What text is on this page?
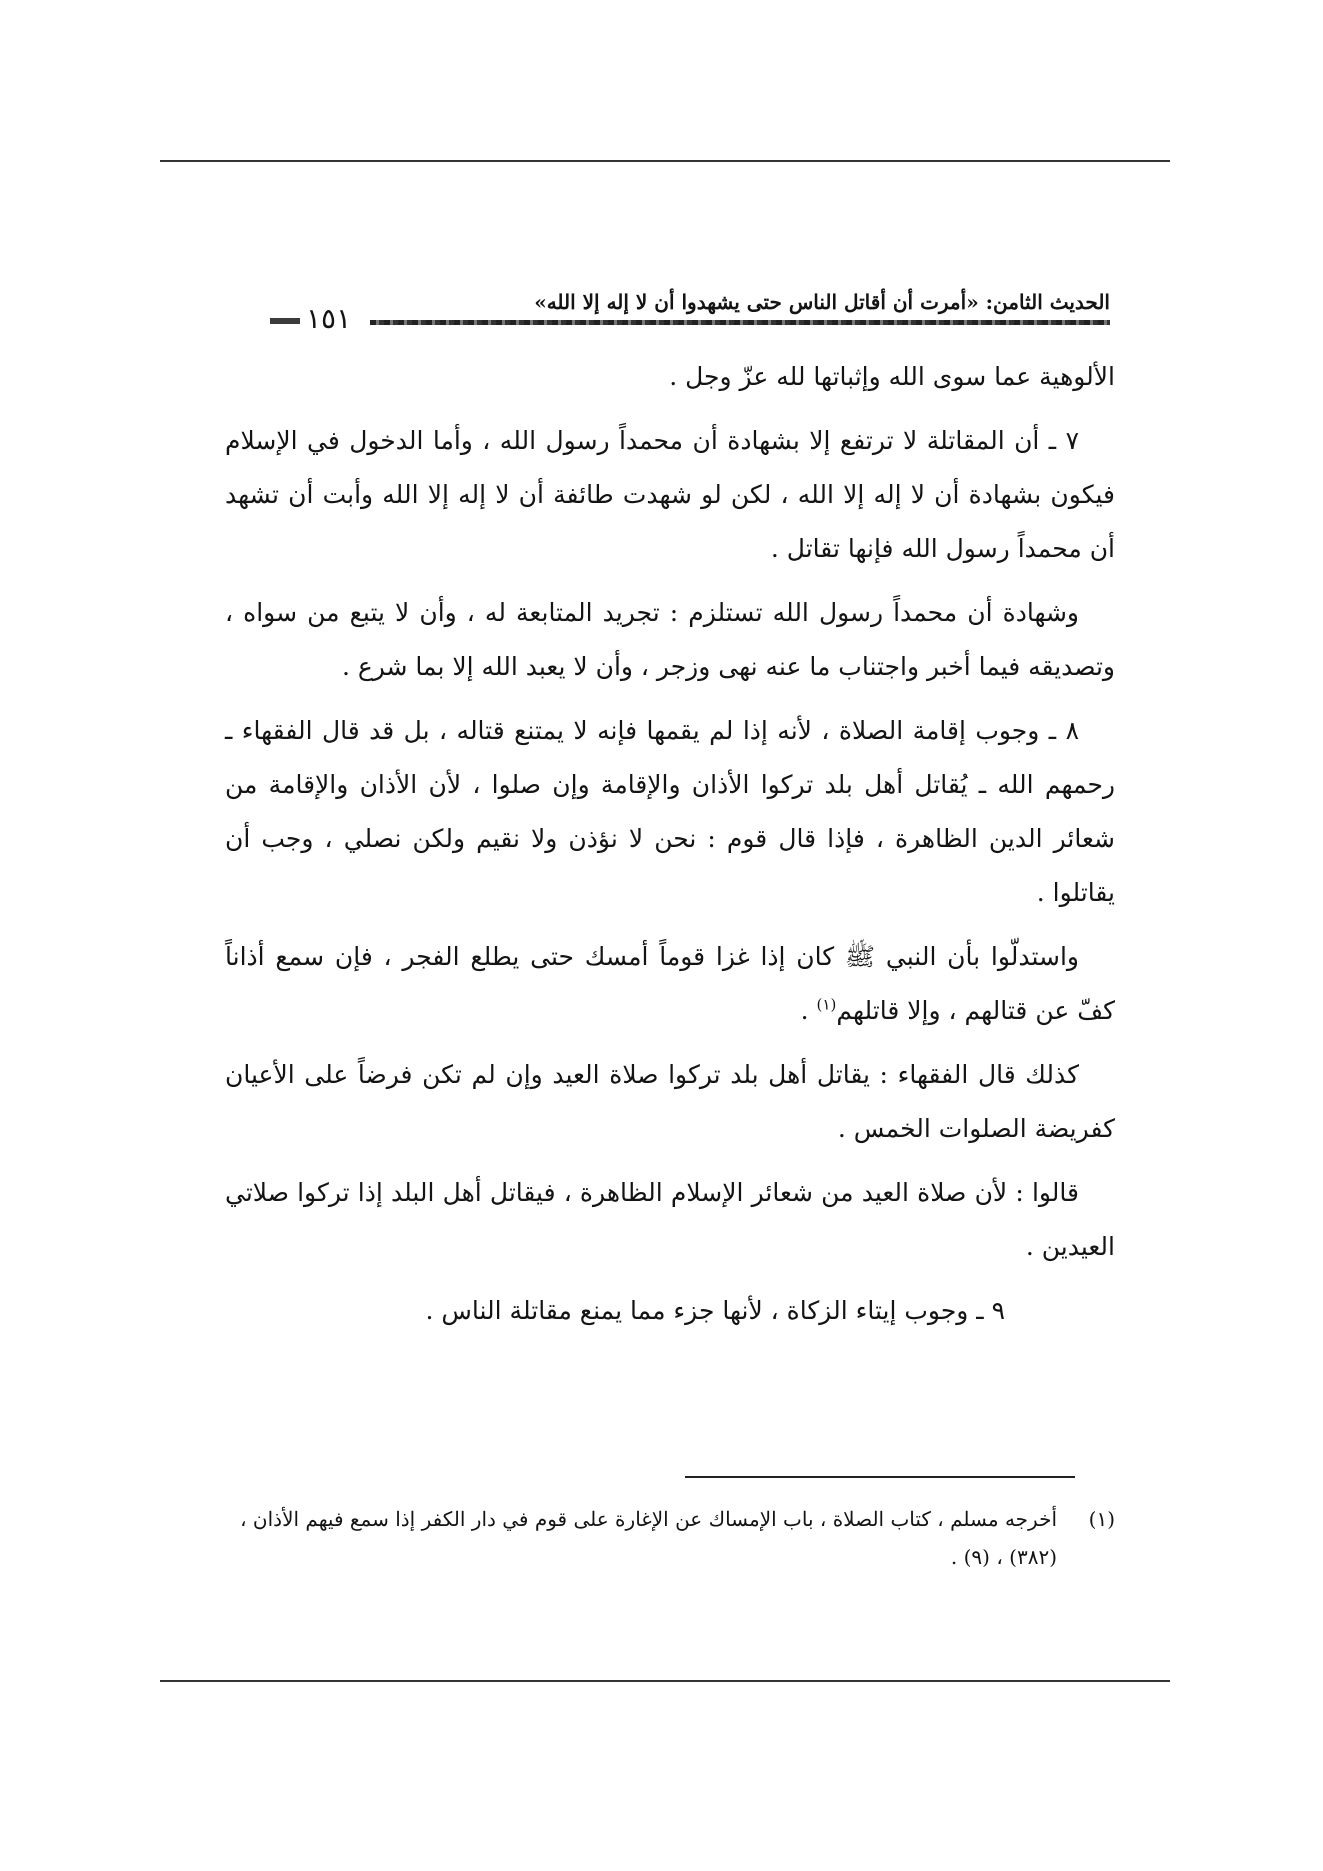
الحديث الثامن: «أمرت أن أقاتل الناس حتى يشهدوا أن لا إله إلا الله»
١٥١

الألوهية عما سوى الله وإثباتها لله عزّ وجل .

٧ ـ أن المقاتلة لا ترتفع إلا بشهادة أن محمداً رسول الله ، وأما الدخول في الإسلام فيكون بشهادة أن لا إله إلا الله ، لكن لو شهدت طائفة أن لا إله إلا الله وأبت أن تشهد أن محمداً رسول الله فإنها تقاتل .

وشهادة أن محمداً رسول الله تستلزم : تجريد المتابعة له ، وأن لا يتبع من سواه ، وتصديقه فيما أخبر واجتناب ما عنه نهى وزجر ، وأن لا يعبد الله إلا بما شرع .

٨ ـ وجوب إقامة الصلاة ، لأنه إذا لم يقمها فإنه لا يمتنع قتاله ، بل قد قال الفقهاء ـ رحمهم الله ـ يُقاتل أهل بلد تركوا الأذان والإقامة وإن صلوا ، لأن الأذان والإقامة من شعائر الدين الظاهرة ، فإذا قال قوم : نحن لا نؤذن ولا نقيم ولكن نصلي ، وجب أن يقاتلوا .

واستدلّوا بأن النبي ﷺ كان إذا غزا قوماً أمسك حتى يطلع الفجر ، فإن سمع أذاناً كفّ عن قتالهم ، وإلا قاتلهم$^{(١)}$ .

كذلك قال الفقهاء : يقاتل أهل بلد تركوا صلاة العيد وإن لم تكن فرضاً على الأعيان كفريضة الصلوات الخمس .

قالوا : لأن صلاة العيد من شعائر الإسلام الظاهرة ، فيقاتل أهل البلد إذا تركوا صلاتي العيدين .

٩ ـ وجوب إيتاء الزكاة ، لأنها جزء مما يمنع مقاتلة الناس .

(١)
أخرجه مسلم ، كتاب الصلاة ، باب الإمساك عن الإغارة على قوم في دار الكفر إذا سمع فيهم الأذان ، (٣٨٢) ، (٩) .
